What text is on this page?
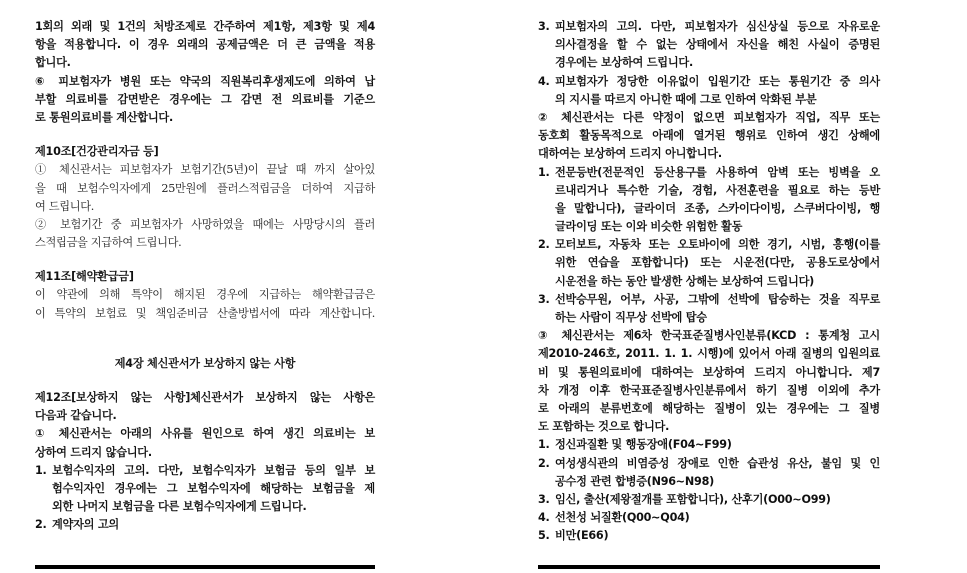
1회의 외래 및 1건의 처방조제로 간주하여 제1항, 제3항 및 제4
항을 적용합니다. 이 경우 외래의 공제금액은 더 큰 금액을 적용
합니다.
⑥ 피보험자가 병원 또는 약국의 직원복리후생제도에 의하여 납
부할 의료비를 감면받은 경우에는 그 감면 전 의료비를 기준으
로 통원의료비를 계산합니다.
제10조[건강관리자금 등]
① 체신관서는 피보험자가 보험기간(5년)이 끝날 때 까지 살아있
을 때 보험수익자에게 25만원에 플러스적립금을 더하여 지급하
여 드립니다.
② 보험기간 중 피보험자가 사망하였을 때에는 사망당시의 플러
스적립금을 지급하여 드립니다.
제11조[해약환급금]
이 약관에 의해 특약이 해지된 경우에 지급하는 해약환급금은
이 특약의 보험료 및 책임준비금 산출방법서에 따라 계산합니다.
제4장 체신관서가 보상하지 않는 사항
제12조[보상하지 않는 사항]체신관서가 보상하지 않는 사항은
다음과 같습니다.
① 체신관서는 아래의 사유를 원인으로 하여 생긴 의료비는 보
상하여 드리지 않습니다.
1. 보험수익자의 고의. 다만, 보험수익자가 보험금 등의 일부 보
험수익자인 경우에는 그 보험수익자에 해당하는 보험금을 제
외한 나머지 보험금을 다른 보험수익자에게 드립니다.
2. 계약자의 고의
3. 피보험자의 고의. 다만, 피보험자가 심신상실 등으로 자유로운
의사결정을 할 수 없는 상태에서 자신을 해친 사실이 증명된
경우에는 보상하여 드립니다.
4. 피보험자가 정당한 이유없이 입원기간 또는 통원기간 중 의사
의 지시를 따르지 아니한 때에 그로 인하여 악화된 부분
② 체신관서는 다른 약정이 없으면 피보험자가 직업, 직무 또는
동호회 활동목적으로 아래에 열거된 행위로 인하여 생긴 상해에
대하여는 보상하여 드리지 아니합니다.
1. 전문등반(전문적인 등산용구를 사용하여 암벽 또는 빙벽을 오
르내리거나 특수한 기술, 경험, 사전훈련을 필요로 하는 등반
을 말합니다), 글라이더 조종, 스카이다이빙, 스쿠버다이빙, 행
글라이딩 또는 이와 비슷한 위험한 활동
2. 모터보트, 자동차 또는 오토바이에 의한 경기, 시범, 흥행(이를
위한 연습을 포함합니다) 또는 시운전(다만, 공용도로상에서
시운전을 하는 동안 발생한 상해는 보상하여 드립니다)
3. 선박승무원, 어부, 사공, 그밖에 선박에 탑승하는 것을 직무로
하는 사람이 직무상 선박에 탑승
③ 체신관서는 제6차 한국표준질병사인분류(KCD : 통계청 고시
제2010-246호, 2011. 1. 1. 시행)에 있어서 아래 질병의 입원의료
비 및 통원의료비에 대하여는 보상하여 드리지 아니합니다. 제7
차 개정 이후 한국표준질병사인분류에서 하기 질병 이외에 추가
로 아래의 분류번호에 해당하는 질병이 있는 경우에는 그 질병
도 포함하는 것으로 합니다.
1. 정신과질환 및 행동장애(F04∼F99)
2. 여성생식관의 비염증성 장애로 인한 습관성 유산, 불임 및 인
공수정 관련 합병증(N96∼N98)
3. 임신, 출산(제왕절개를 포함합니다), 산후기(O00∼O99)
4. 선천성 뇌질환(Q00∼Q04)
5. 비만(E66)
